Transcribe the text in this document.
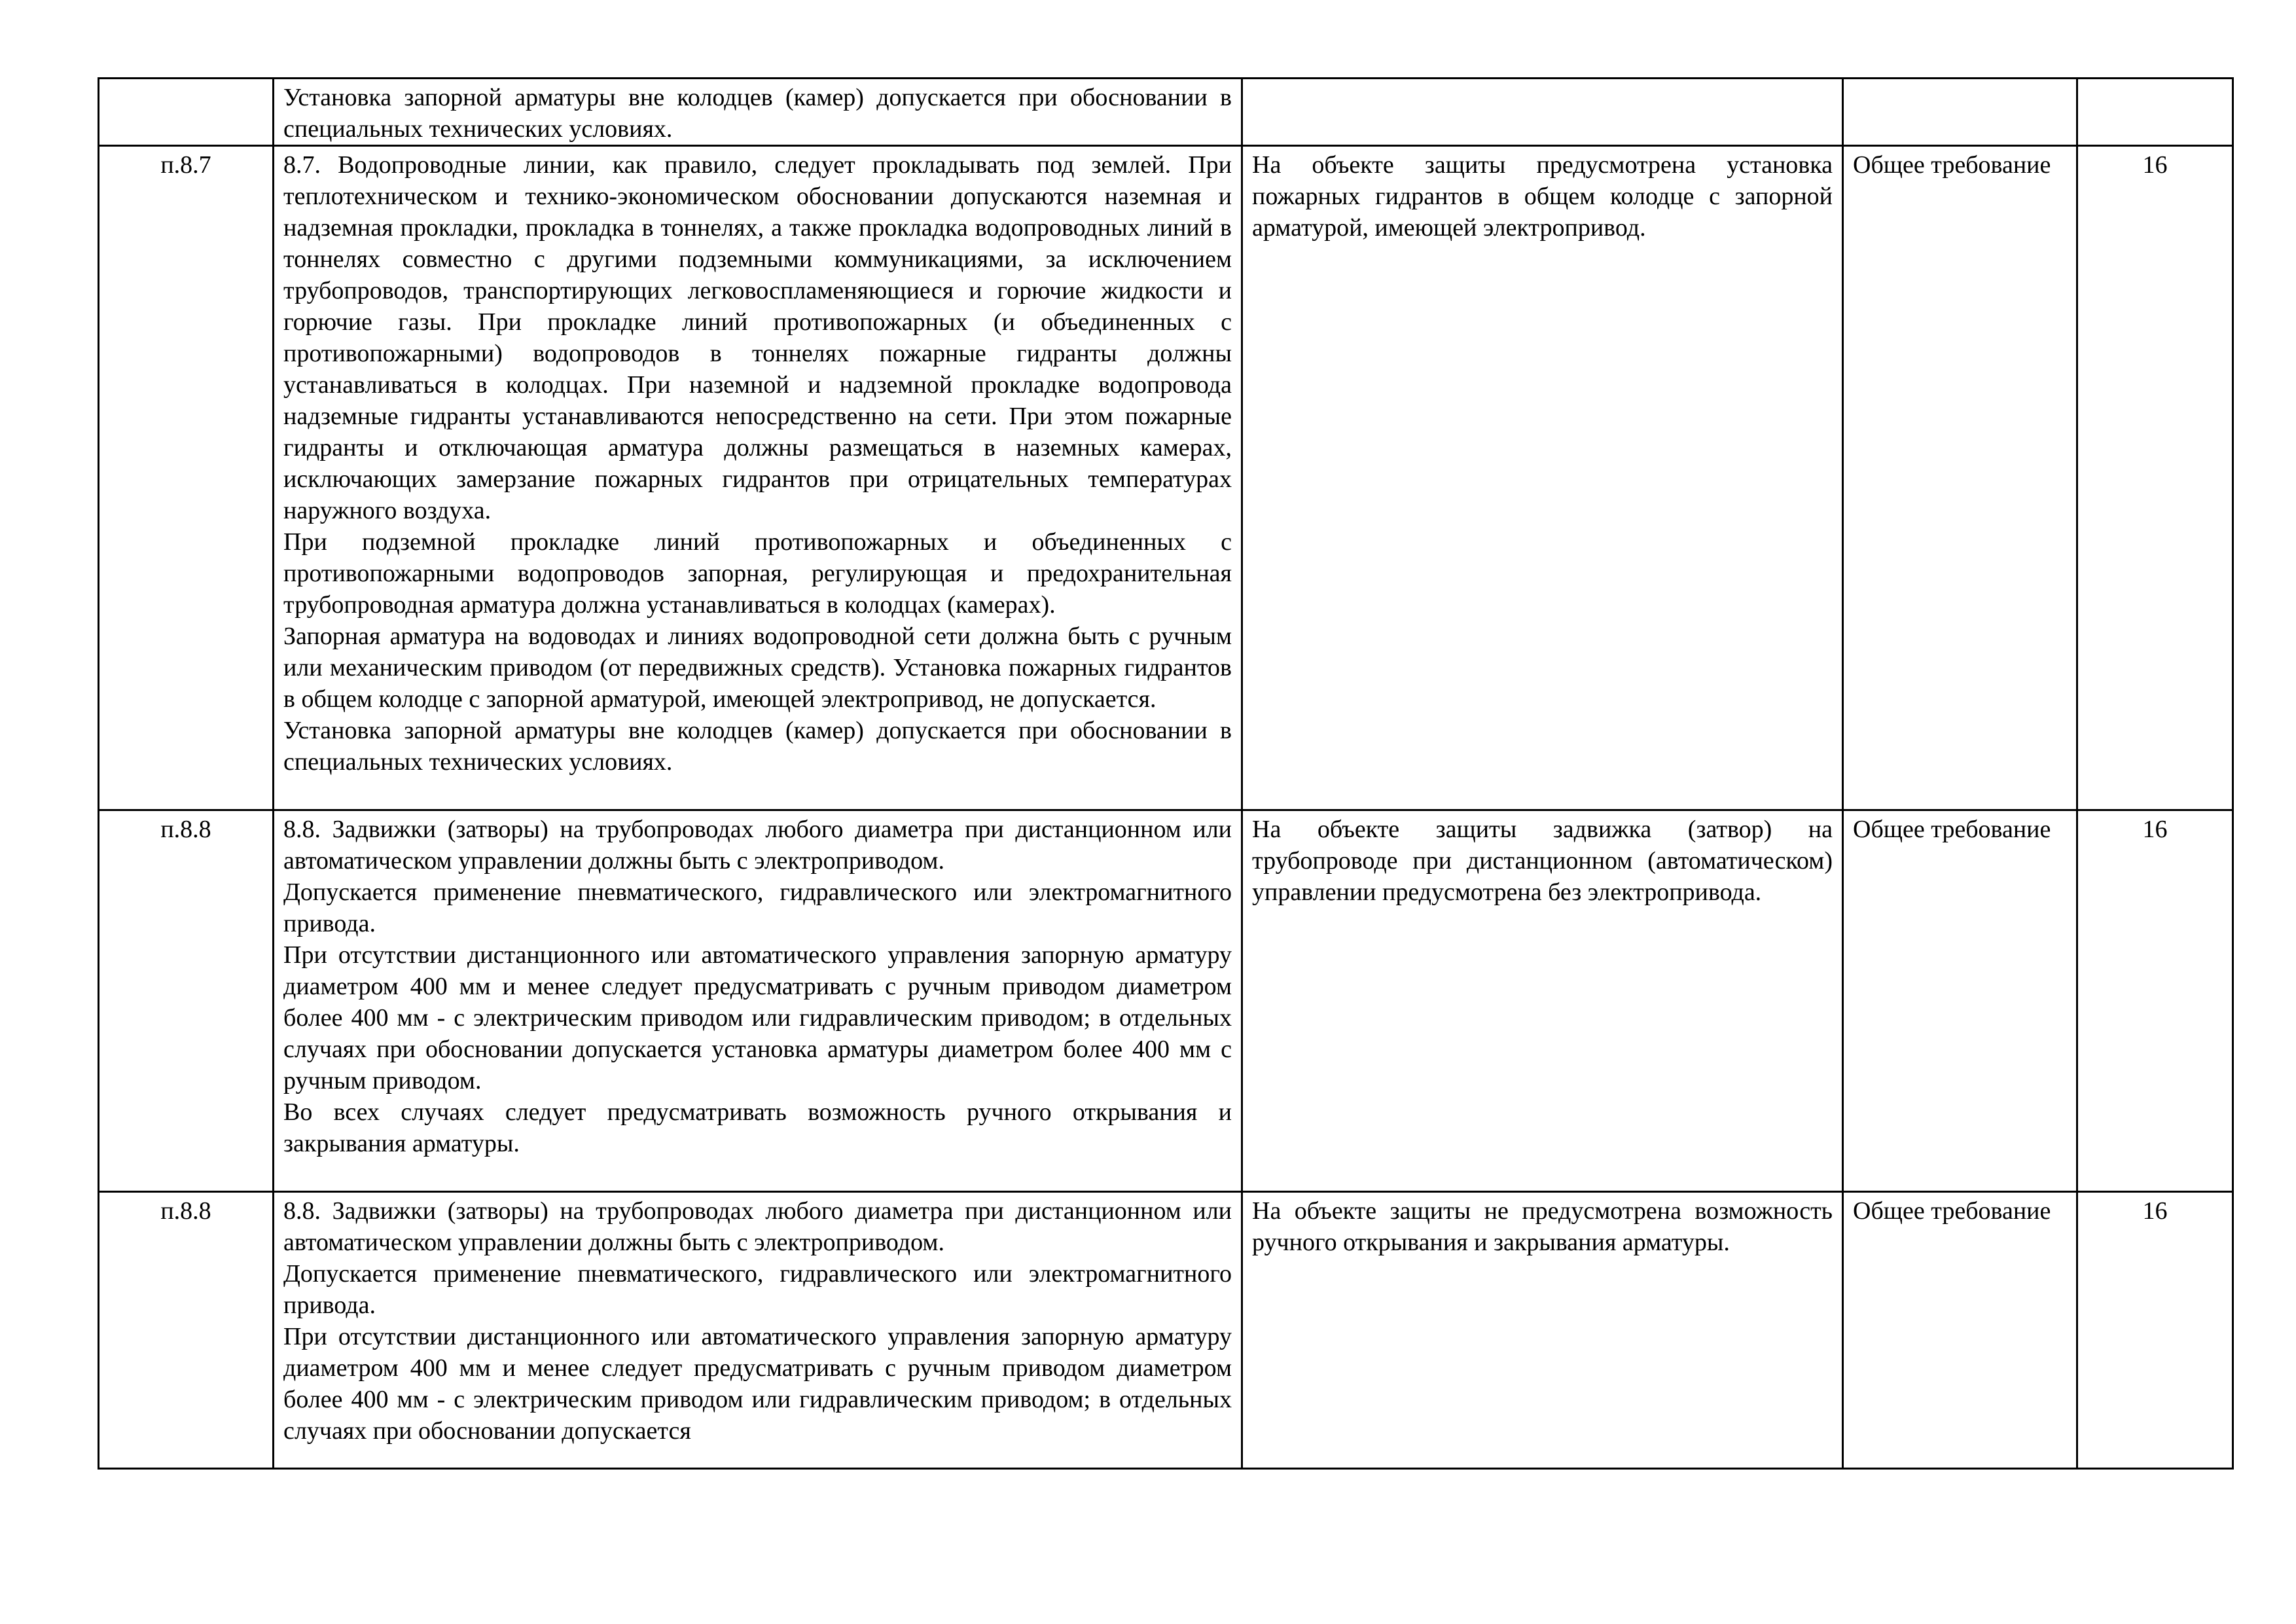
	Установка запорной арматуры вне колодцев (камер) допускается при обосновании в специальных технических условиях.			

п.8.7	8.7. Водопроводные линии, как правило, следует прокладывать под землей. При теплотехническом и технико-экономическом обосновании допускаются наземная и надземная прокладки, прокладка в тоннелях, а также прокладка водопроводных линий в тоннелях совместно с другими подземными коммуникациями, за исключением трубопроводов, транспортирующих легковоспламеняющиеся и горючие жидкости и горючие газы. При прокладке линий противопожарных (и объединенных с противопожарными) водопроводов в тоннелях пожарные гидранты должны устанавливаться в колодцах. При наземной и надземной прокладке водопровода надземные гидранты устанавливаются непосредственно на сети. При этом пожарные гидранты и отключающая арматура должны размещаться в наземных камерах, исключающих замерзание пожарных гидрантов при отрицательных температурах наружного воздуха.

При подземной прокладке линий противопожарных и объединенных с противопожарными водопроводов запорная, регулирующая и предохранительная трубопроводная арматура должна устанавливаться в колодцах (камерах).

Запорная арматура на водоводах и линиях водопроводной сети должна быть с ручным или механическим приводом (от передвижных средств). Установка пожарных гидрантов в общем колодце с запорной арматурой, имеющей электропривод, не допускается.

Установка запорной арматуры вне колодцев (камер) допускается при обосновании в специальных технических условиях.	На объекте защиты предусмотрена установка пожарных гидрантов в общем колодце с запорной арматурой, имеющей электропривод.	Общее требование	16
п.8.8	8.8. Задвижки (затворы) на трубопроводах любого диаметра при дистанционном или автоматическом управлении должны быть с электроприводом.

Допускается применение пневматического, гидравлического или электромагнитного привода.

При отсутствии дистанционного или автоматического управления запорную арматуру диаметром 400 мм и менее следует предусматривать с ручным приводом диаметром более 400 мм - с электрическим приводом или гидравлическим приводом; в отдельных случаях при обосновании допускается установка арматуры диаметром более 400 мм с ручным приводом.

Во всех случаях следует предусматривать возможность ручного открывания и закрывания арматуры.	На объекте защиты задвижка (затвор) на трубопроводе при дистанционном (автоматическом) управлении предусмотрена без электропривода.	Общее требование	16
п.8.8	8.8. Задвижки (затворы) на трубопроводах любого диаметра при дистанционном или автоматическом управлении должны быть с электроприводом.

Допускается применение пневматического, гидравлического или электромагнитного привода.

При отсутствии дистанционного или автоматического управления запорную арматуру диаметром 400 мм и менее следует предусматривать с ручным приводом диаметром более 400 мм - с электрическим приводом или гидравлическим приводом; в отдельных случаях при обосновании допускается	На объекте защиты не предусмотрена возможность ручного открывания и закрывания арматуры.	Общее требование	16
